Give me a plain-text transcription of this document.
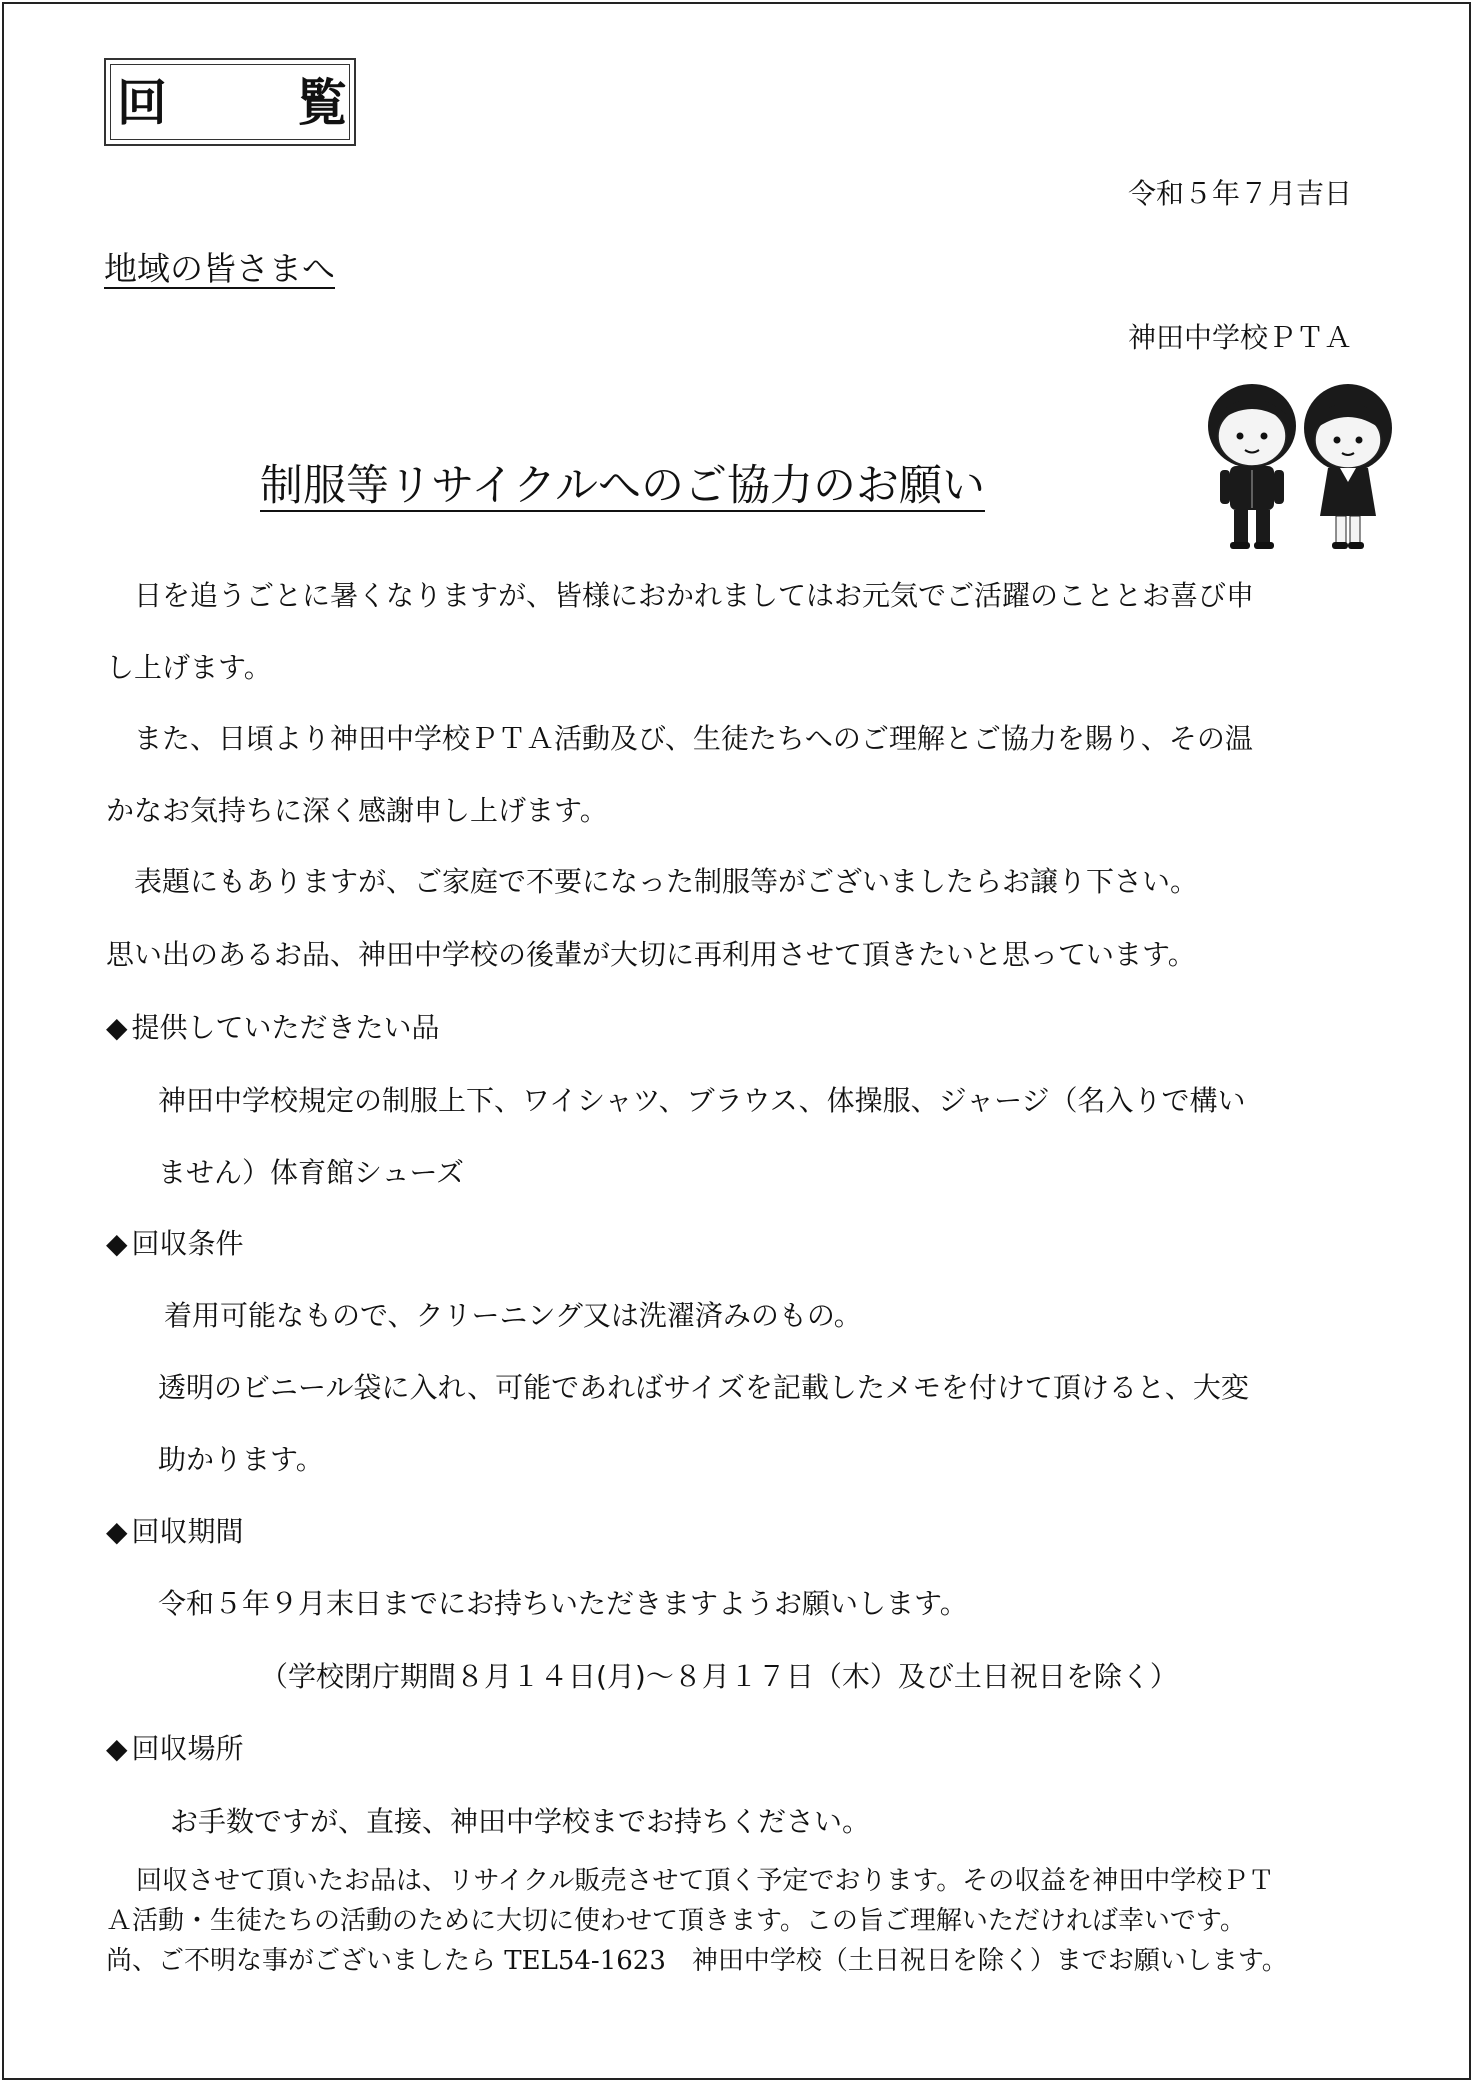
回	覧
令和５年７月吉日
地域の皆さまへ
神田中学校ＰＴＡ
制服等リサイクルへのご協力のお願い
日を追うごとに暑くなりますが、皆様におかれましてはお元気でご活躍のこととお喜び申
し上げます。
また、日頃より神田中学校ＰＴＡ活動及び、生徒たちへのご理解とご協力を賜り、その温
かなお気持ちに深く感謝申し上げます。
表題にもありますが、ご家庭で不要になった制服等がございましたらお譲り下さい。
思い出のあるお品、神田中学校の後輩が大切に再利用させて頂きたいと思っています。
◆ 提供していただきたい品
神田中学校規定の制服上下、ワイシャツ、ブラウス、体操服、ジャージ（名入りで構い
ません）体育館シューズ
◆ 回収条件
着用可能なもので、クリーニング又は洗濯済みのもの。
透明のビニール袋に入れ、可能であればサイズを記載したメモを付けて頂けると、大変
助かります。
◆ 回収期間
令和５年９月末日までにお持ちいただきますようお願いします。
（学校閉庁期間８月１４日(月)～８月１７日（木）及び土日祝日を除く）
◆ 回収場所
お手数ですが、直接、神田中学校までお持ちください。
回収させて頂いたお品は、リサイクル販売させて頂く予定でおります。その収益を神田中学校ＰＴ
Ａ活動・生徒たちの活動のために大切に使わせて頂きます。この旨ご理解いただければ幸いです。
尚、ご不明な事がございましたら TEL54-1623　神田中学校（土日祝日を除く）までお願いします。
